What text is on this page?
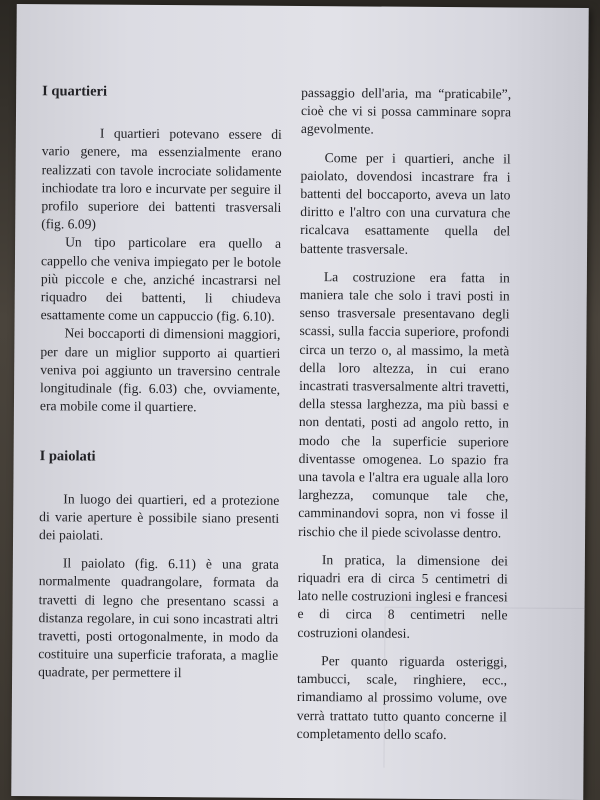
I quartieri

I quartieri potevano essere di vario genere, ma essenzialmente erano realizzati con tavole incrociate solidamente inchiodate tra loro e incurvate per seguire il profilo superiore dei battenti trasversali (fig. 6.09)

Un tipo particolare era quello a cappello che veniva impiegato per le botole più piccole e che, anziché incastrarsi nel riquadro dei battenti, li chiudeva esattamente come un cappuccio (fig. 6.10).

Nei boccaporti di dimensioni maggiori, per dare un miglior supporto ai quartieri veniva poi aggiunto un traversino centrale longitudinale (fig. 6.03) che, ovviamente, era mobile come il quartiere.

I paiolati

In luogo dei quartieri, ed a protezione di varie aperture è possibile siano presenti dei paiolati.

Il paiolato (fig. 6.11) è una grata normalmente quadrangolare, formata da travetti di legno che presentano scassi a distanza regolare, in cui sono incastrati altri travetti, posti ortogonalmente, in modo da costituire una superficie traforata, a maglie quadrate, per permettere il

passaggio dell'aria, ma “praticabile”, cioè che vi si possa camminare sopra agevolmente.

Come per i quartieri, anche il paiolato, dovendosi incastrare fra i battenti del boccaporto, aveva un lato diritto e l'altro con una curvatura che ricalcava esattamente quella del battente trasversale.

La costruzione era fatta in maniera tale che solo i travi posti in senso trasversale presentavano degli scassi, sulla faccia superiore, profondi circa un terzo o, al massimo, la metà della loro altezza, in cui erano incastrati trasversalmente altri travetti, della stessa larghezza, ma più bassi e non dentati, posti ad angolo retto, in modo che la superficie superiore diventasse omogenea. Lo spazio fra una tavola e l'altra era uguale alla loro larghezza, comunque tale che, camminandovi sopra, non vi fosse il rischio che il piede scivolasse dentro.

In pratica, la dimensione dei riquadri era di circa 5 centimetri di lato nelle costruzioni inglesi e francesi e di circa 8 centimetri nelle costruzioni olandesi.

Per quanto riguarda osteriggi, tambucci, scale, ringhiere, ecc., rimandiamo al prossimo volume, ove verrà trattato tutto quanto concerne il completamento dello scafo.
